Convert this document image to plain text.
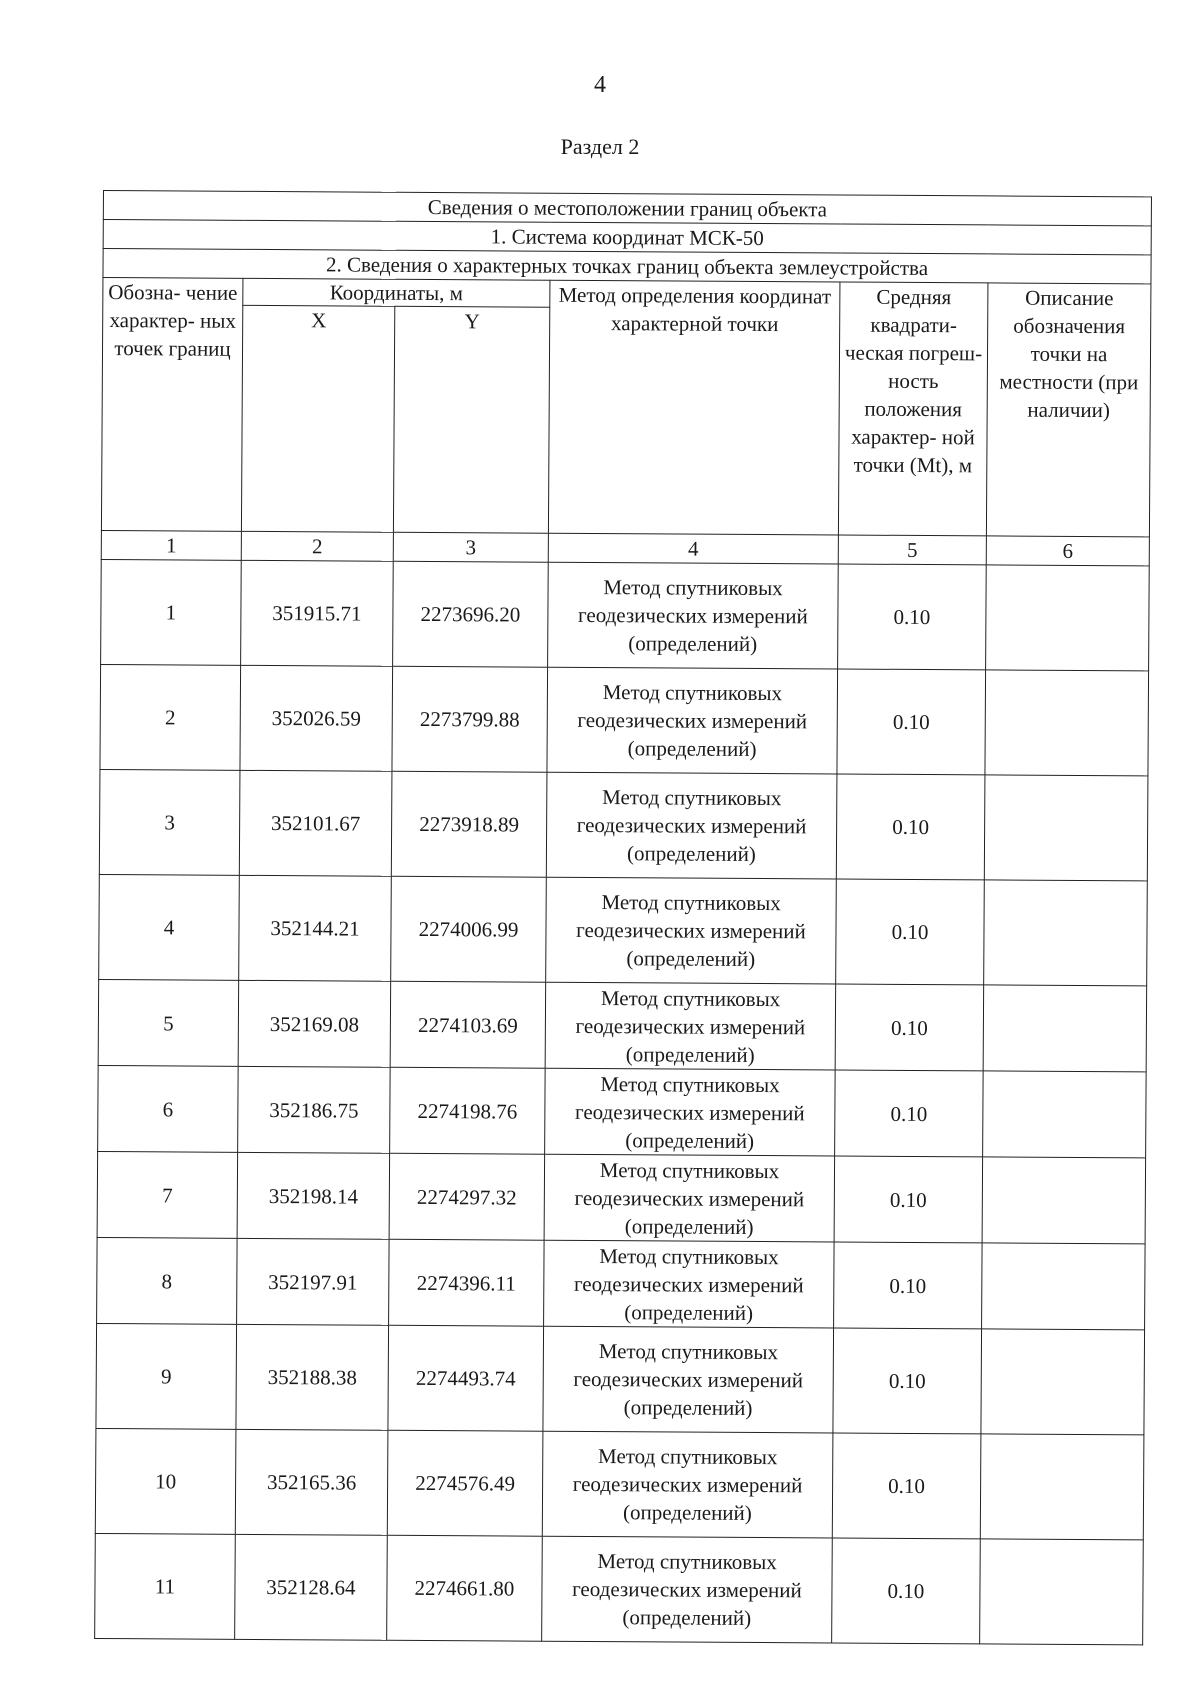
4
Раздел 2
Сведения о местоположении границ объекта					
1. Система координат МСК-50					
2. Сведения о характерных точках границ объекта землеустройства					
Обозна- чение характер- ных точек границ	Координаты, м		Метод определения координат характерной точки	Средняя квадрати- ческая погреш- ность положения характер- ной точки (Mt), м	Описание обозначения точки на местности (при наличии)
	X	Y			
1	2	3	4	5	6
1	351915.71	2273696.20	Метод спутниковых геодезических измерений (определений)	0.10	
2	352026.59	2273799.88	Метод спутниковых геодезических измерений (определений)	0.10	
3	352101.67	2273918.89	Метод спутниковых геодезических измерений (определений)	0.10	
4	352144.21	2274006.99	Метод спутниковых геодезических измерений (определений)	0.10	
5	352169.08	2274103.69	Метод спутниковых геодезических измерений (определений)	0.10	
6	352186.75	2274198.76	Метод спутниковых геодезических измерений (определений)	0.10	
7	352198.14	2274297.32	Метод спутниковых геодезических измерений (определений)	0.10	
8	352197.91	2274396.11	Метод спутниковых геодезических измерений (определений)	0.10	
9	352188.38	2274493.74	Метод спутниковых геодезических измерений (определений)	0.10	
10	352165.36	2274576.49	Метод спутниковых геодезических измерений (определений)	0.10	
11	352128.64	2274661.80	Метод спутниковых геодезических измерений (определений)	0.10	
